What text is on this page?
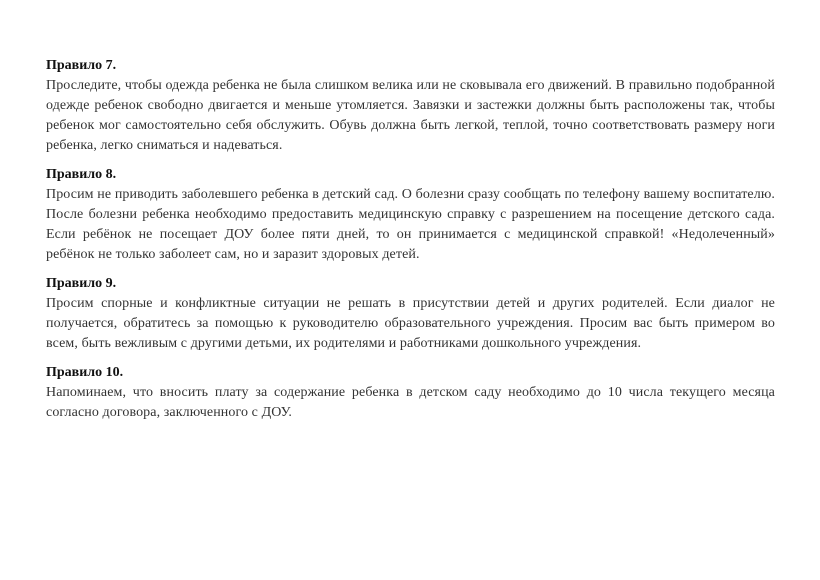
Правило 7.

Проследите, чтобы одежда ребенка не была слишком велика или не сковывала его движений. В правильно подобранной одежде ребенок свободно двигается и меньше утомляется. Завязки и застежки должны быть расположены так, чтобы ребенок мог самостоятельно себя обслужить. Обувь должна быть легкой, теплой, точно соответствовать размеру ноги ребенка, легко сниматься и надеваться.

Правило 8.

Просим не приводить заболевшего ребенка в детский сад. О болезни сразу сообщать по телефону вашему воспитателю. После болезни ребенка необходимо предоставить медицинскую справку с разрешением на посещение детского сада. Если ребёнок не посещает ДОУ более пяти дней, то он принимается с медицинской справкой! «Недолеченный» ребёнок не только заболеет сам, но и заразит здоровых детей.

Правило 9.

Просим спорные и конфликтные ситуации не решать в присутствии детей и других родителей. Если диалог не получается, обратитесь за помощью к руководителю образовательного учреждения. Просим вас быть примером во всем, быть вежливым с другими детьми, их родителями и работниками дошкольного учреждения.

Правило 10.

Напоминаем, что вносить плату за содержание ребенка в детском саду необходимо до 10 числа текущего месяца согласно договора, заключенного с ДОУ.
